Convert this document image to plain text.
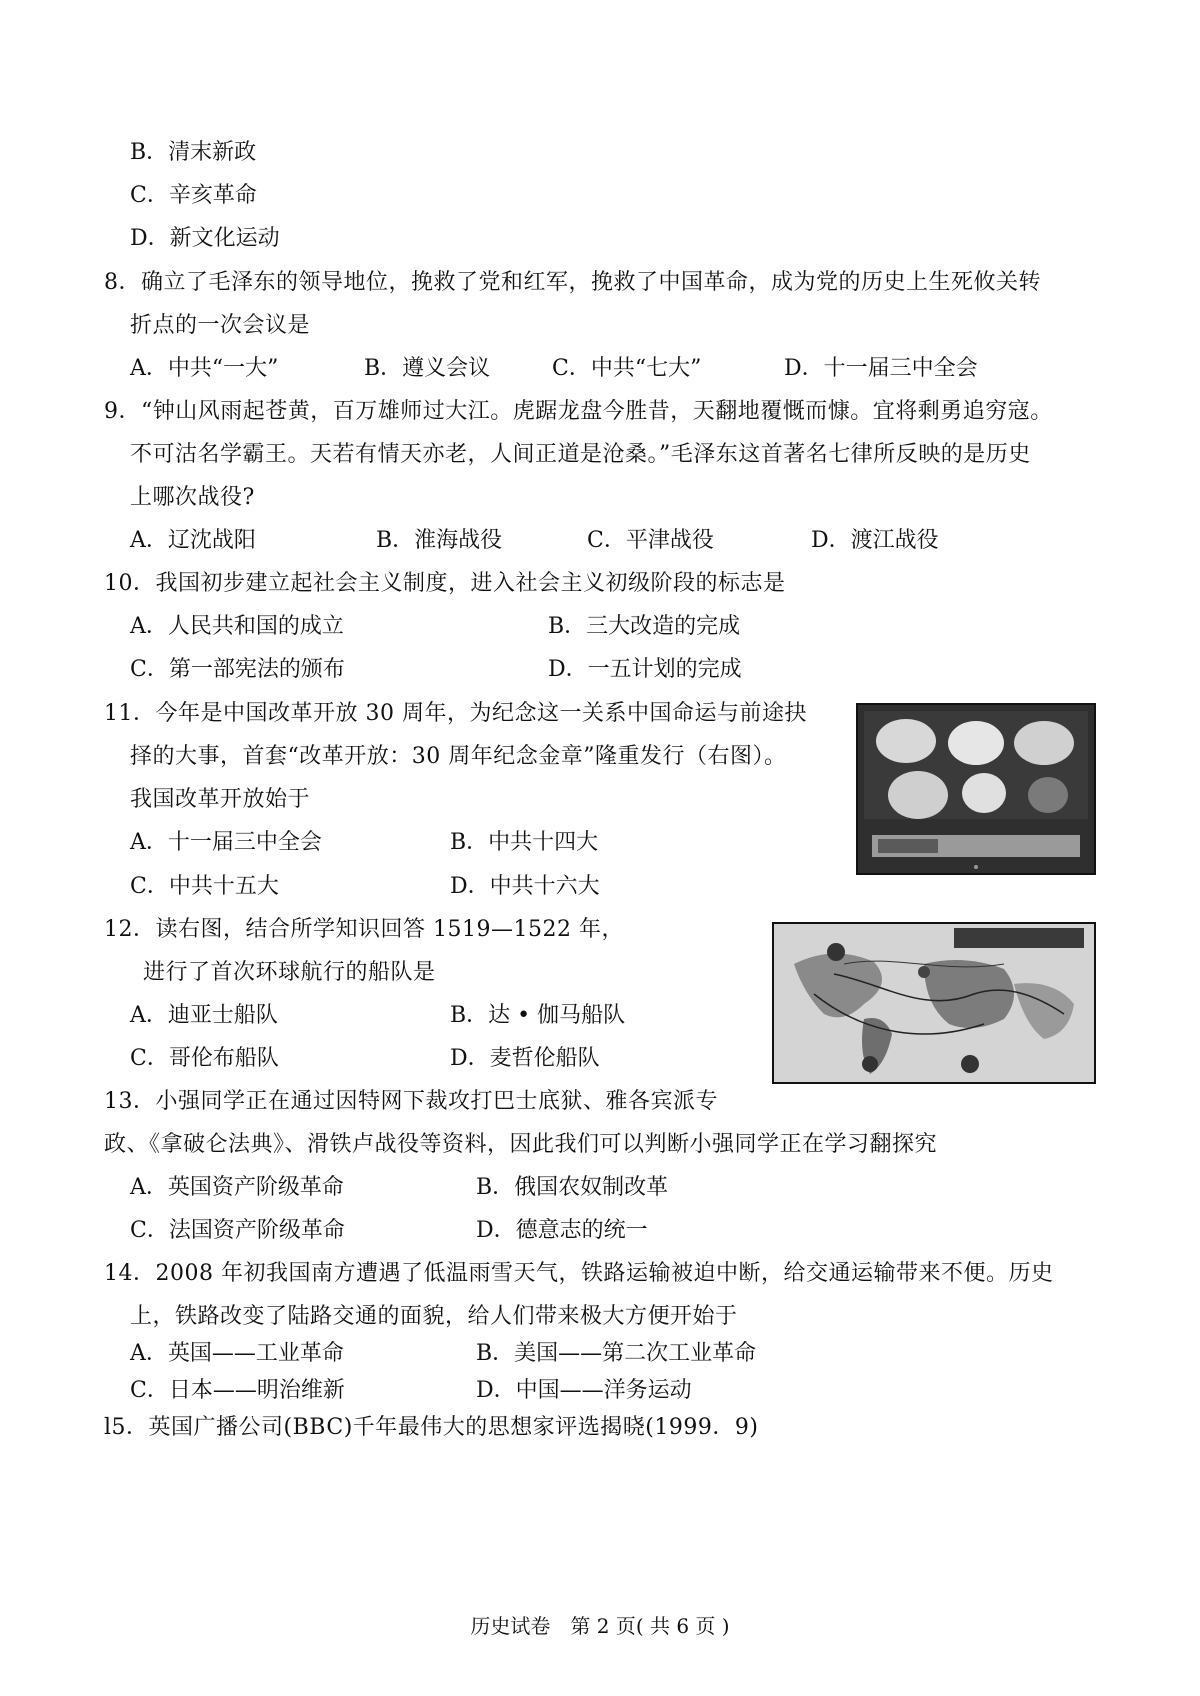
B．清末新政
C．辛亥革命
D．新文化运动
8．确立了毛泽东的领导地位，挽救了党和红军，挽救了中国革命，成为党的历史上生死攸关转
折点的一次会议是
A．中共“一大”	B．遵义会议	C．中共“七大”	D．十一届三中全会
9．“钟山风雨起苍黄，百万雄师过大江。虎踞龙盘今胜昔，天翻地覆慨而慷。宜将剩勇追穷寇。
不可沽名学霸王。天若有情天亦老，人间正道是沧桑。”毛泽东这首著名七律所反映的是历史
上哪次战役?
A．辽沈战阳	B．淮海战役	C．平津战役	D．渡江战役
10．我国初步建立起社会主义制度，进入社会主义初级阶段的标志是
A．人民共和国的成立	B．三大改造的完成
C．第一部宪法的颁布	D．一五计划的完成
11．今年是中国改革开放 30 周年，为纪念这一关系中国命运与前途抉
择的大事，首套“改革开放：30 周年纪念金章”隆重发行（右图）。
我国改革开放始于
A．十一届三中全会	B．中共十四大
C．中共十五大	D．中共十六大
12．读右图，结合所学知识回答 1519—1522 年，
进行了首次环球航行的船队是
A．迪亚士船队	B．达 • 伽马船队
C．哥伦布船队	D．麦哲伦船队
13．小强同学正在通过因特网下裁攻打巴士底狱、雅各宾派专
政、《拿破仑法典》、滑铁卢战役等资料，因此我们可以判断小强同学正在学习翻探究
A．英国资产阶级革命	B．俄国农奴制改革
C．法国资产阶级革命	D．德意志的统一
14．2008 年初我国南方遭遇了低温雨雪天气，铁路运输被迫中断，给交通运输带来不便。历史
上，铁路改变了陆路交通的面貌，给人们带来极大方便开始于
A．英国——工业革命	B．美国——第二次工业革命
C．日本——明治维新	D．中国——洋务运动
l5．英国广播公司(BBC)千年最伟大的思想家评选揭晓(1999．9)
历史试卷　第 2 页( 共 6 页 )
